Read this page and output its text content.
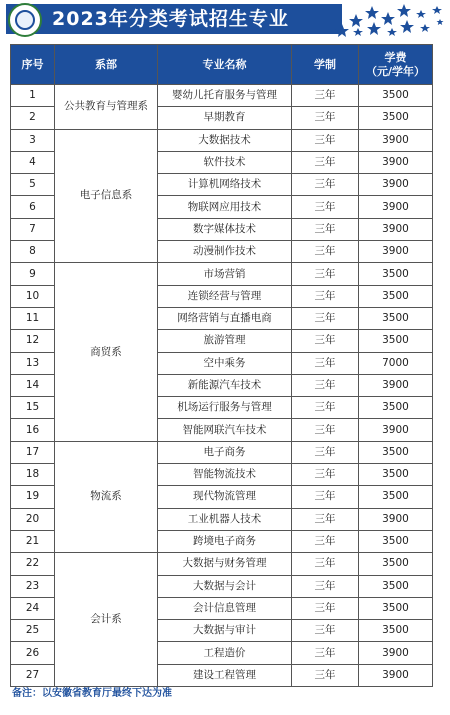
2023年分类考试招生专业
序号	系部	专业名称	学制	学费
（元/学年）
1	公共教育与管理系	婴幼儿托育服务与管理	三年	3500
2		早期教育	三年	3500
3	电子信息系	大数据技术	三年	3900
4		软件技术	三年	3900
5		计算机网络技术	三年	3900
6		物联网应用技术	三年	3900
7		数字媒体技术	三年	3900
8		动漫制作技术	三年	3900
9	商贸系	市场营销	三年	3500
10		连锁经营与管理	三年	3500
11		网络营销与直播电商	三年	3500
12		旅游管理	三年	3500
13		空中乘务	三年	7000
14		新能源汽车技术	三年	3900
15		机场运行服务与管理	三年	3500
16		智能网联汽车技术	三年	3900
17	物流系	电子商务	三年	3500
18		智能物流技术	三年	3500
19		现代物流管理	三年	3500
20		工业机器人技术	三年	3900
21		跨境电子商务	三年	3500
22	会计系	大数据与财务管理	三年	3500
23		大数据与会计	三年	3500
24		会计信息管理	三年	3500
25		大数据与审计	三年	3500
26		工程造价	三年	3900
27		建设工程管理	三年	3900
备注：以安徽省教育厅最终下达为准
